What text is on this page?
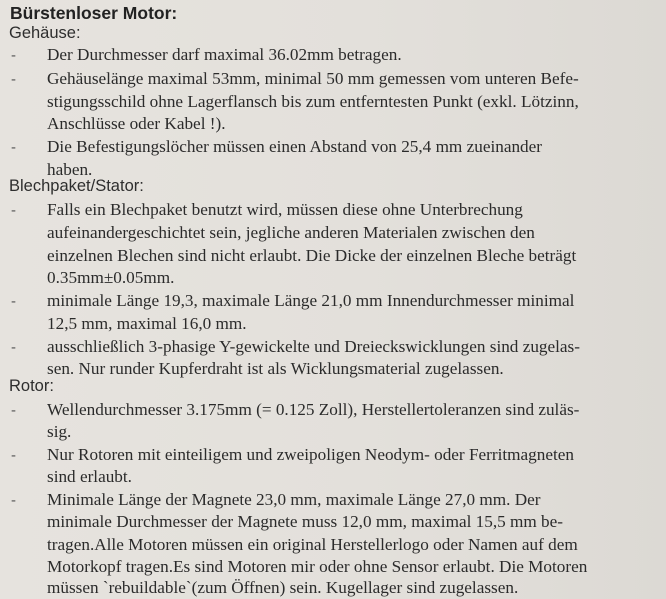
Bürstenloser Motor:
Gehäuse:
- Der Durchmesser darf maximal 36.02mm betragen.
- Gehäuselänge maximal 53mm, minimal 50 mm gemessen vom unteren Befe-
stigungsschild ohne Lagerflansch bis zum entferntesten Punkt (exkl. Lötzinn,
Anschlüsse oder Kabel !).
- Die Befestigungslöcher müssen einen Abstand von 25,4 mm zueinander
haben.
Blechpaket/Stator:
- Falls ein Blechpaket benutzt wird, müssen diese ohne Unterbrechung
aufeinandergeschichtet sein, jegliche anderen Materialen zwischen den
einzelnen Blechen sind nicht erlaubt. Die Dicke der einzelnen Bleche beträgt
0.35mm±0.05mm.
- minimale Länge 19,3, maximale Länge 21,0 mm Innendurchmesser minimal
12,5 mm, maximal 16,0 mm.
- ausschließlich 3-phasige Y-gewickelte und Dreieckswicklungen sind zugelas-
sen. Nur runder Kupferdraht ist als Wicklungsmaterial zugelassen.
Rotor:
- Wellendurchmesser 3.175mm (= 0.125 Zoll), Herstellertoleranzen sind zuläs-
sig.
- Nur Rotoren mit einteiligem und zweipoligen Neodym- oder Ferritmagneten
sind erlaubt.
- Minimale Länge der Magnete 23,0 mm, maximale Länge 27,0 mm. Der
minimale Durchmesser der Magnete muss 12,0 mm, maximal 15,5 mm be-
tragen.Alle Motoren müssen ein original Herstellerlogo oder Namen auf dem
Motorkopf tragen.Es sind Motoren mir oder ohne Sensor erlaubt. Die Motoren
müssen `rebuildable`(zum Öffnen) sein. Kugellager sind zugelassen.
